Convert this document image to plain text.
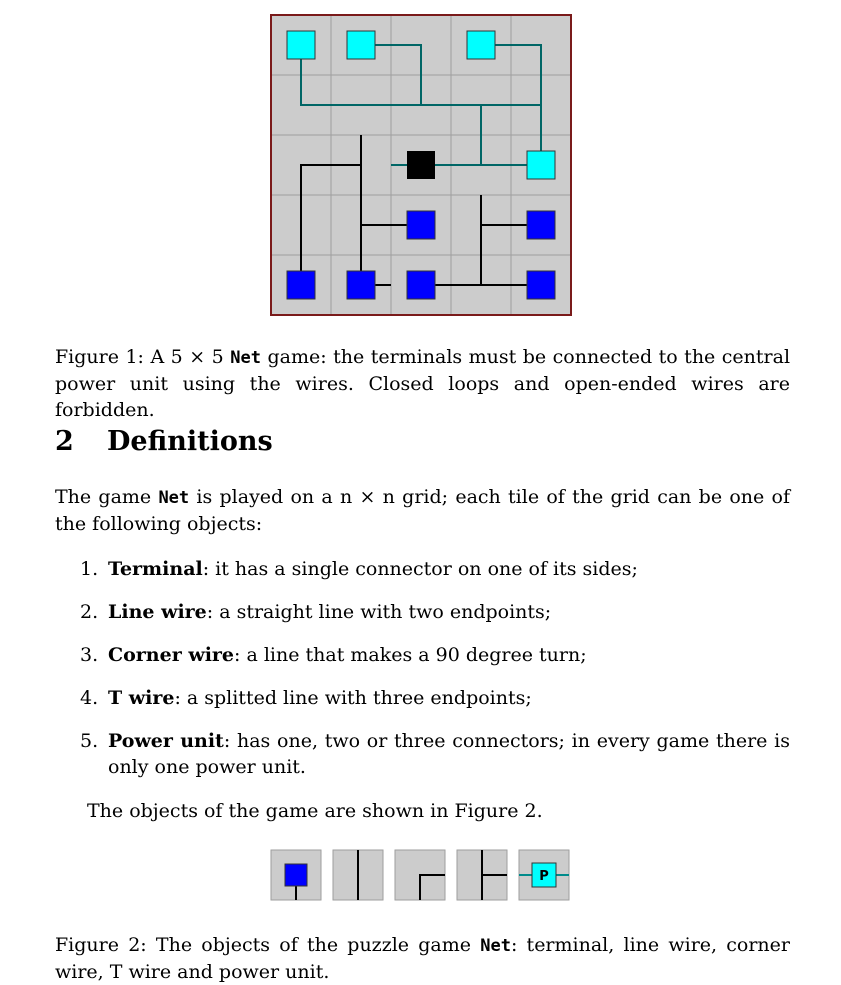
Figure 1: A 5 × 5 Net game: the terminals must be connected to the central power unit using the wires. Closed loops and open-ended wires are forbidden.
2 Definitions

The game Net is played on a n × n grid; each tile of the grid can be one of the following objects:

1. Terminal: it has a single connector on one of its sides;
2. Line wire: a straight line with two endpoints;
3. Corner wire: a line that makes a 90 degree turn;
4. T wire: a splitted line with three endpoints;
5. Power unit: has one, two or three connectors; in every game there is only one power unit.

The objects of the game are shown in Figure 2.

P
Figure 2: The objects of the puzzle game Net: terminal, line wire, corner wire, T wire and power unit.
